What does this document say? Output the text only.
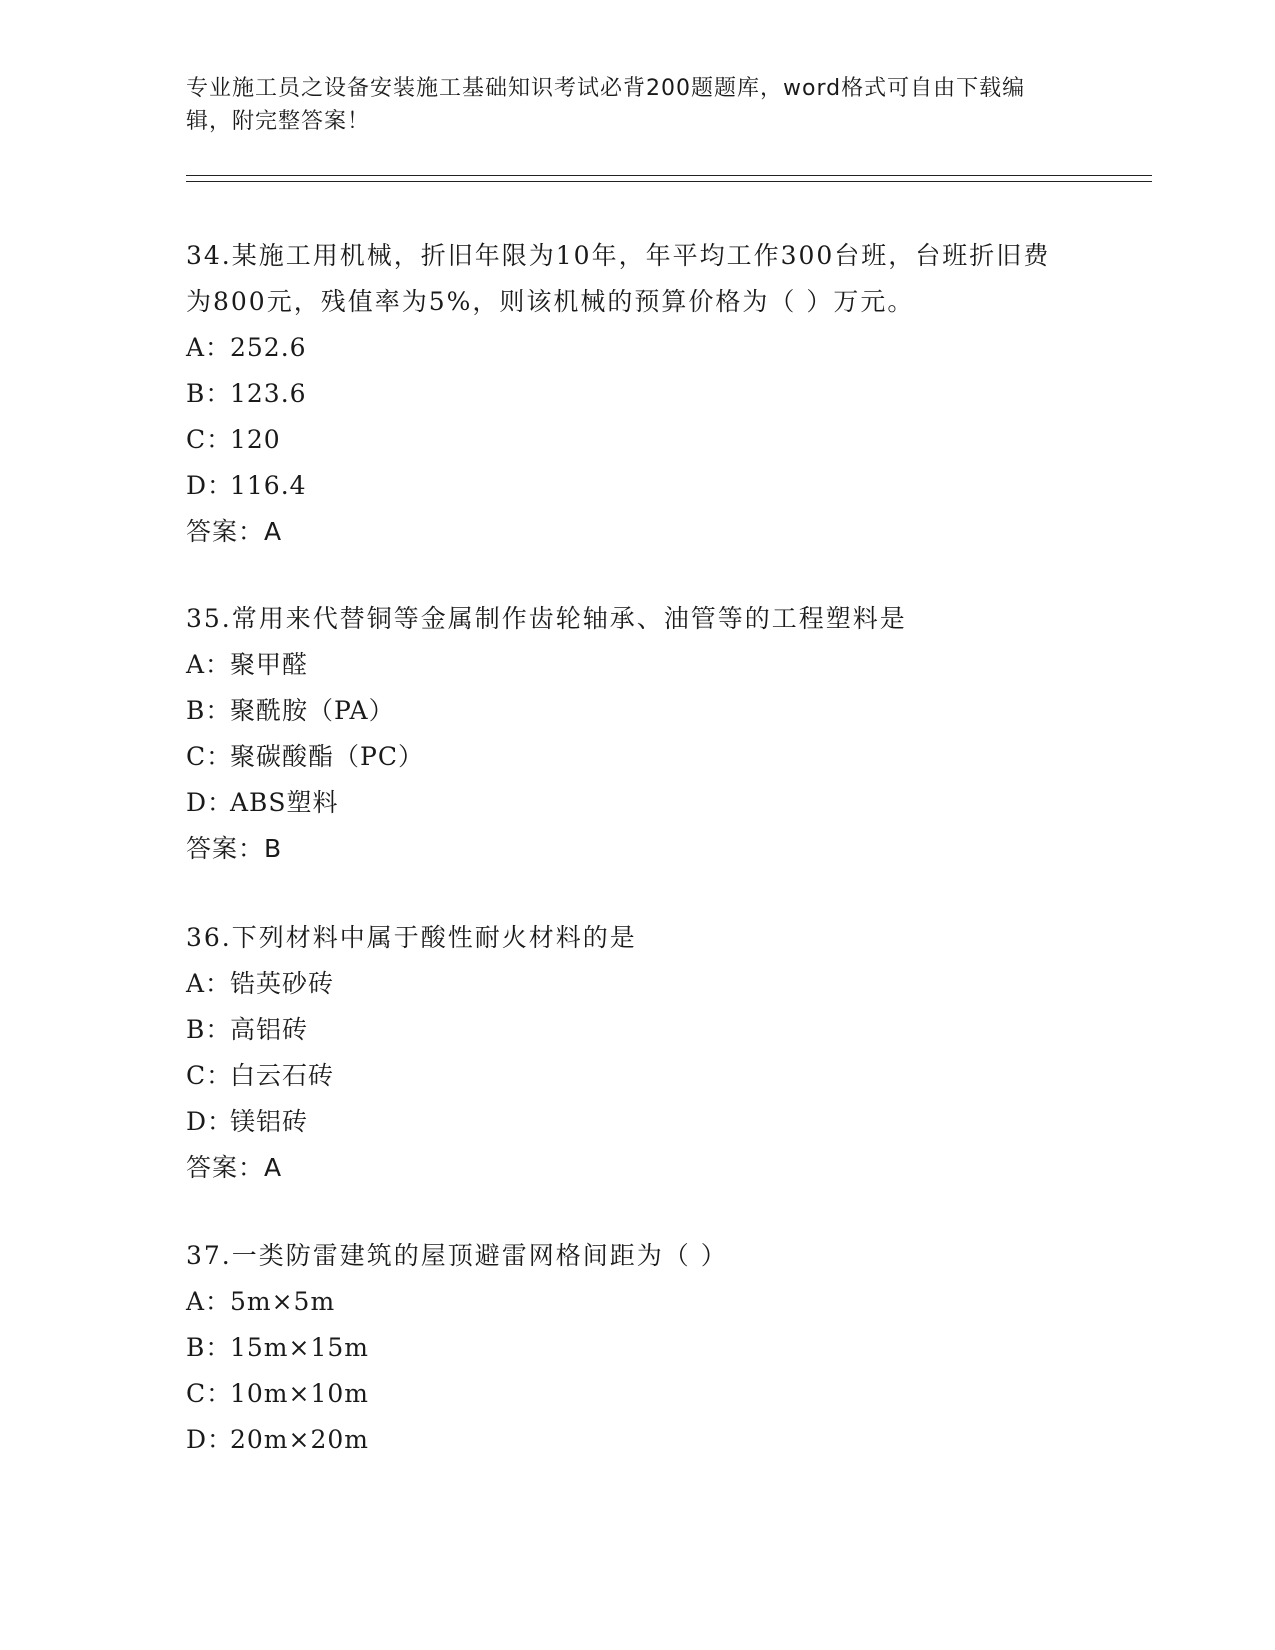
专业施工员之设备安装施工基础知识考试必背200题题库，word格式可自由下载编辑，附完整答案！
34.某施工用机械，折旧年限为10年，年平均工作300台班，台班折旧费为800元，残值率为5%，则该机械的预算价格为（ ）万元。
A：252.6
B：123.6
C：120
D：116.4
答案：A
35.常用来代替铜等金属制作齿轮轴承、油管等的工程塑料是
A：聚甲醛
B：聚酰胺（PA）
C：聚碳酸酯（PC）
D：ABS塑料
答案：B
36.下列材料中属于酸性耐火材料的是
A：锆英砂砖
B：高铝砖
C：白云石砖
D：镁铝砖
答案：A
37.一类防雷建筑的屋顶避雷网格间距为（ ）
A：5m×5m
B：15m×15m
C：10m×10m
D：20m×20m
